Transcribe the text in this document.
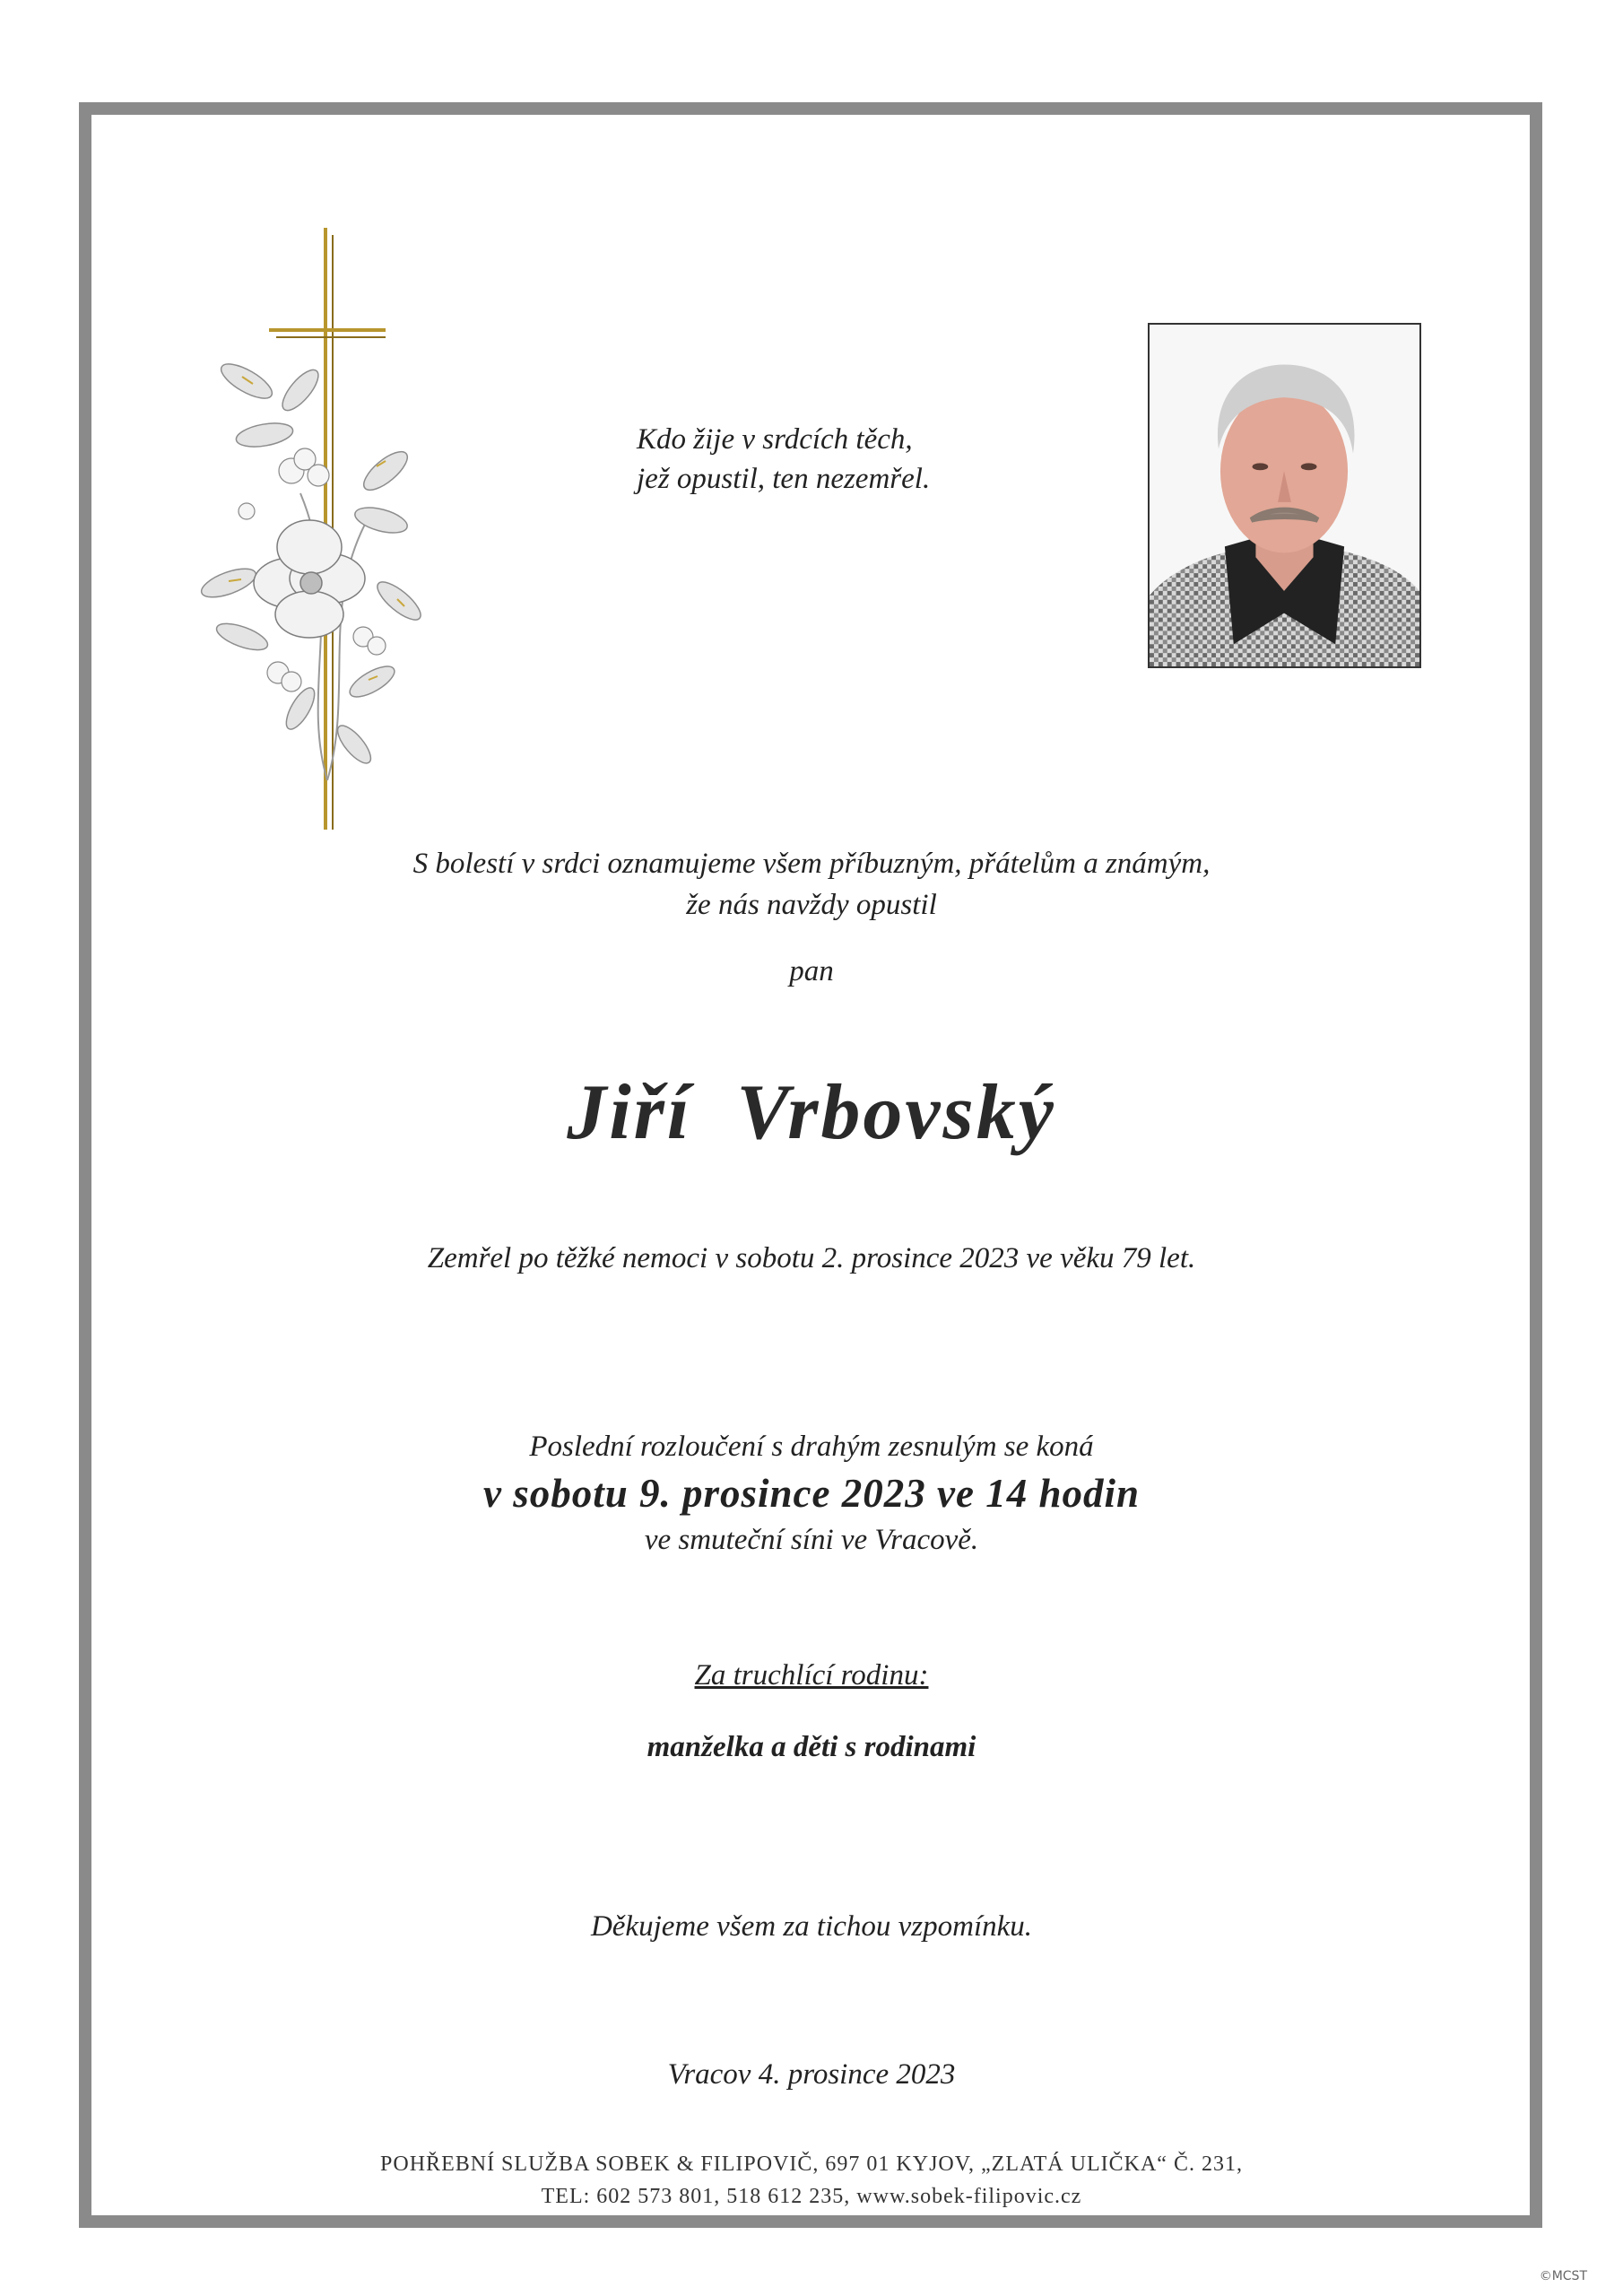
Kdo žije v srdcích těch,
jež opustil, ten nezemřel.
S bolestí v srdci oznamujeme všem příbuzným, přátelům a známým,
že nás navždy opustil
pan
Jiří  Vrbovský
Zemřel po těžké nemoci v sobotu 2. prosince 2023 ve věku 79 let.
Poslední rozloučení s drahým zesnulým se koná
v sobotu 9. prosince 2023 ve 14 hodin
ve smuteční síni ve Vracově.
Za truchlící rodinu:
manželka a děti s rodinami
Děkujeme všem za tichou vzpomínku.
Vracov 4. prosince 2023
POHŘEBNÍ SLUŽBA SOBEK & FILIPOVIČ, 697 01 KYJOV, „ZLATÁ ULIČKA“ Č. 231,
TEL: 602 573 801, 518 612 235, www.sobek-filipovic.cz
©MCST
